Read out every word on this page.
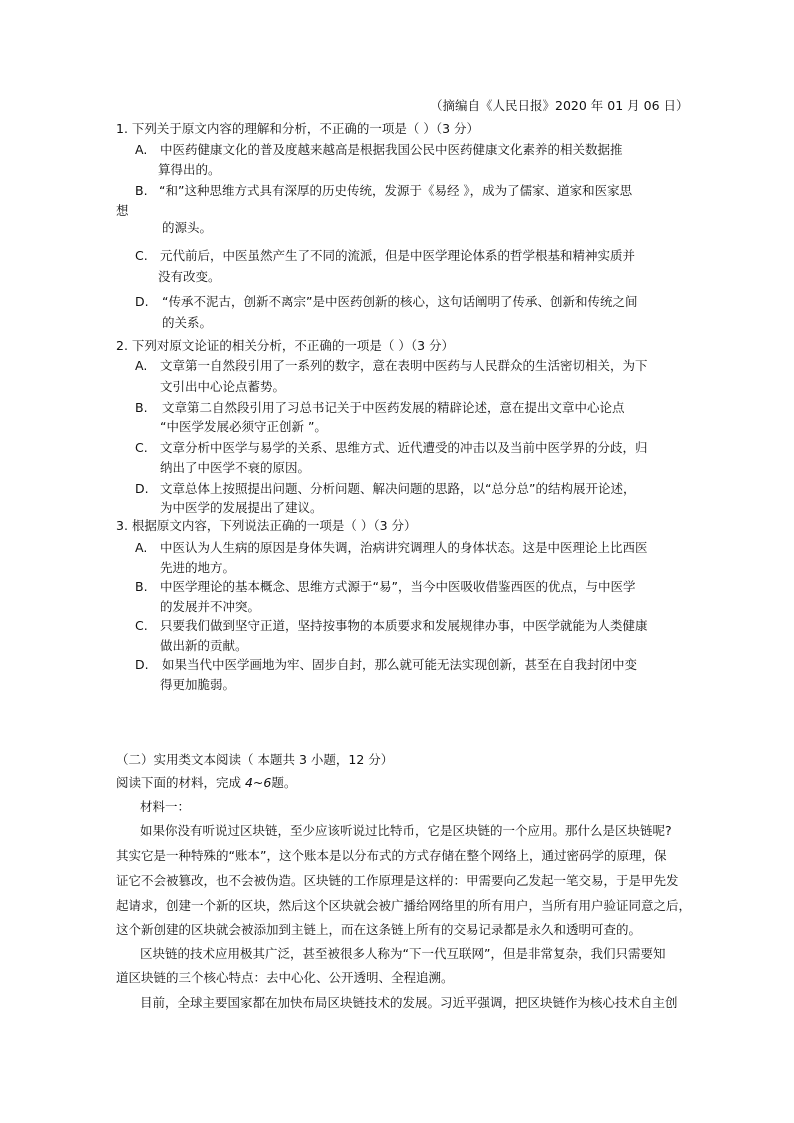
（摘编自《人民日报》2020 年 01 月 06 日）
1. 下列关于原文内容的理解和分析，不正确的一项是（ ）（3 分）
A. 中医药健康文化的普及度越来越高是根据我国公民中医药健康文化素养的相关数据推
算得出的。
B. “和”这种思维方式具有深厚的历史传统，发源于《易经 》，成为了儒家、道家和医家思
想
的源头。
C. 元代前后，中医虽然产生了不同的流派，但是中医学理论体系的哲学根基和精神实质并
没有改变。
D. “传承不泥古，创新不离宗”是中医药创新的核心，这句话阐明了传承、创新和传统之间
的关系。
2. 下列对原文论证的相关分析，不正确的一项是（ ）（3 分）
A. 文章第一自然段引用了一系列的数字，意在表明中医药与人民群众的生活密切相关，为下
文引出中心论点蓄势。
B. 文章第二自然段引用了习总书记关于中医药发展的精辟论述，意在提出文章中心论点
“中医学发展必须守正创新 ”。
C. 文章分析中医学与易学的关系、思维方式、近代遭受的冲击以及当前中医学界的分歧，归
纳出了中医学不衰的原因。
D. 文章总体上按照提出问题、分析问题、解决问题的思路，以“总分总”的结构展开论述，
为中医学的发展提出了建议。
3. 根据原文内容，下列说法正确的一项是（ ）（3 分）
A. 中医认为人生病的原因是身体失调，治病讲究调理人的身体状态。这是中医理论上比西医
先进的地方。
B. 中医学理论的基本概念、思维方式源于“易”，当今中医吸收借鉴西医的优点，与中医学
的发展并不冲突。
C. 只要我们做到坚守正道，坚持按事物的本质要求和发展规律办事，中医学就能为人类健康
做出新的贡献。
D. 如果当代中医学画地为牢、固步自封，那么就可能无法实现创新，甚至在自我封闭中变
得更加脆弱。
（二）实用类文本阅读（ 本题共 3 小题，12 分）
阅读下面的材料，完成 4~6题。
材料一：
如果你没有听说过区块链，至少应该听说过比特币，它是区块链的一个应用。那什么是区块链呢?
其实它是一种特殊的“账本”，这个账本是以分布式的方式存储在整个网络上，通过密码学的原理，保
证它不会被篡改，也不会被伪造。区块链的工作原理是这样的：甲需要向乙发起一笔交易，于是甲先发
起请求，创建一个新的区块，然后这个区块就会被广播给网络里的所有用户，当所有用户验证同意之后，
这个新创建的区块就会被添加到主链上，而在这条链上所有的交易记录都是永久和透明可查的。
区块链的技术应用极其广泛，甚至被很多人称为“下一代互联网”，但是非常复杂，我们只需要知
道区块链的三个核心特点：去中心化、公开透明、全程追溯。
目前，全球主要国家都在加快布局区块链技术的发展。习近平强调，把区块链作为核心技术自主创
